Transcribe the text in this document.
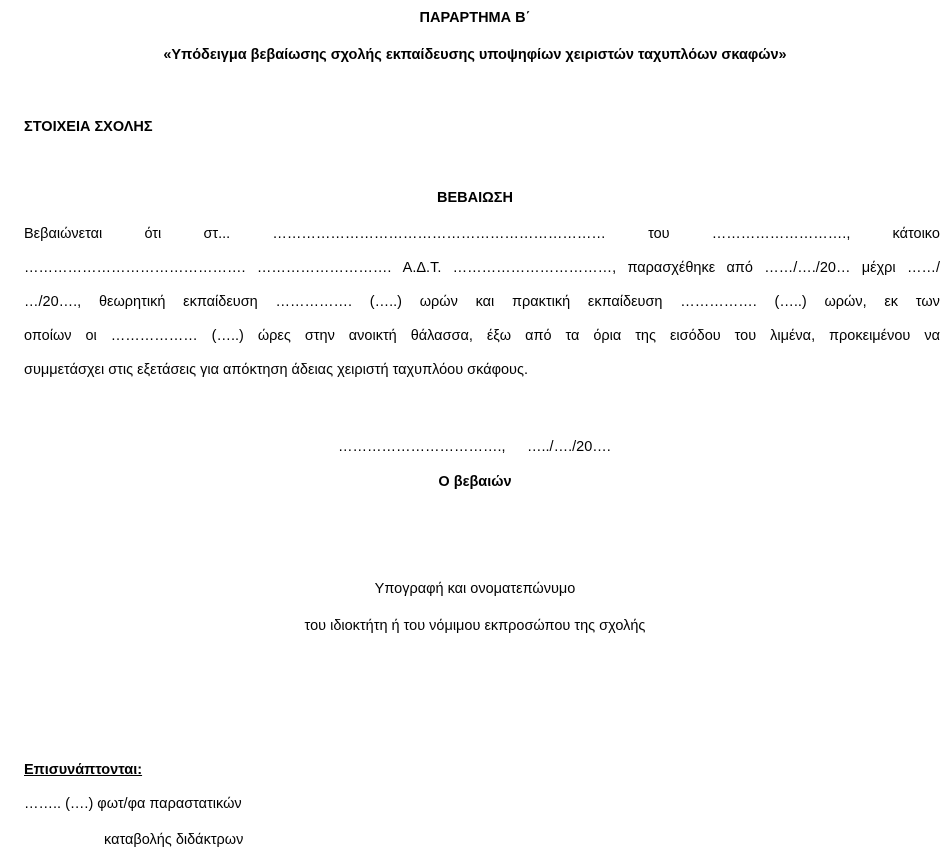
ΠΑΡΑΡΤΗΜΑ Β΄
«Υπόδειγμα βεβαίωσης σχολής εκπαίδευσης υποψηφίων χειριστών ταχυπλόων σκαφών»
ΣΤΟΙΧΕΙΑ ΣΧΟΛΗΣ
ΒΕΒΑΙΩΣΗ
Βεβαιώνεται	ότι	στ...	……………………………………………………………	του	……………………….,	κάτοικο
………………………………………. ………………………. Α.Δ.Τ. ……………………………, παρασχέθηκε από ……/…./20… μέχρι ……/
…/20…., θεωρητική εκπαίδευση ……………. (…..) ωρών και πρακτική εκπαίδευση ……………. (…..) ωρών, εκ των
οποίων οι ……………… (…..) ώρες στην ανοικτή θάλασσα, έξω από τα όρια της εισόδου του λιμένα, προκειμένου να
συμμετάσχει στις εξετάσεις για απόκτηση άδειας χειριστή ταχυπλόου σκάφους.
……………………………., …../…./20….
Ο βεβαιών
Υπογραφή και ονοματεπώνυμο
του ιδιοκτήτη ή του νόμιμου εκπροσώπου της σχολής
Επισυνάπτονται:
…….. (….) φωτ/φα παραστατικών
καταβολής διδάκτρων
